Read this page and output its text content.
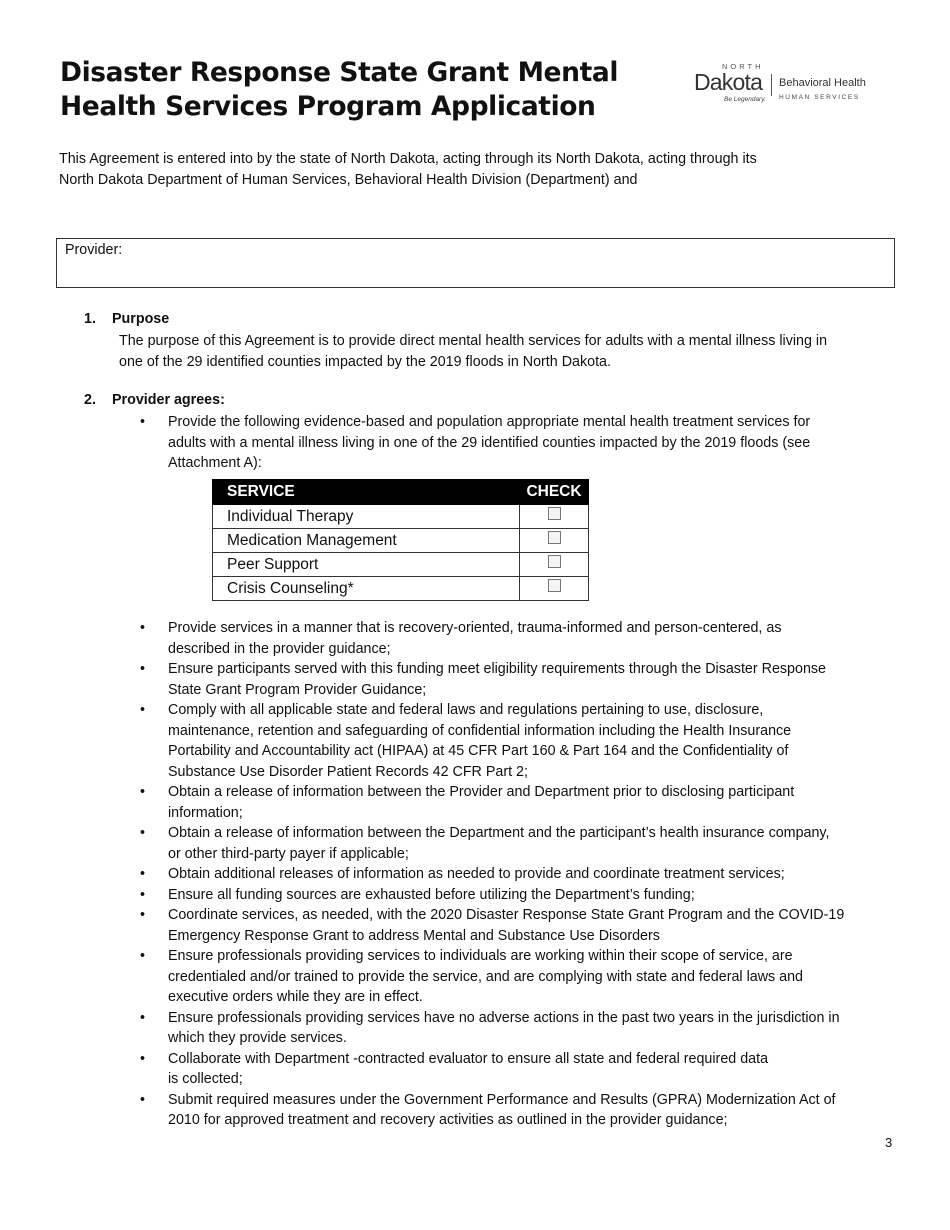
Disaster Response State Grant Mental
Health Services Program Application
NORTH
Dakota
Be Legendary.
Behavioral Health
HUMAN SERVICES
This Agreement is entered into by the state of North Dakota, acting through its North Dakota, acting through its
North Dakota Department of Human Services, Behavioral Health Division (Department) and
Provider:
1. Purpose
The purpose of this Agreement is to provide direct mental health services for adults with a mental illness living in
one of the 29 identified counties impacted by the 2019 floods in North Dakota.
2. Provider agrees:
• Provide the following evidence-based and population appropriate mental health treatment services for
adults with a mental illness living in one of the 29 identified counties impacted by the 2019 floods (see
Attachment A):
SERVICE	CHECK
Individual Therapy	
Medication Management	
Peer Support	
Crisis Counseling*	
• Provide services in a manner that is recovery-oriented, trauma-informed and person-centered, as
described in the provider guidance;
• Ensure participants served with this funding meet eligibility requirements through the Disaster Response
State Grant Program Provider Guidance;
• Comply with all applicable state and federal laws and regulations pertaining to use, disclosure,
maintenance, retention and safeguarding of confidential information including the Health Insurance
Portability and Accountability act (HIPAA) at 45 CFR Part 160 & Part 164 and the Confidentiality of
Substance Use Disorder Patient Records 42 CFR Part 2;
• Obtain a release of information between the Provider and Department prior to disclosing participant
information;
• Obtain a release of information between the Department and the participant’s health insurance company,
or other third-party payer if applicable;
• Obtain additional releases of information as needed to provide and coordinate treatment services;
• Ensure all funding sources are exhausted before utilizing the Department’s funding;
• Coordinate services, as needed, with the 2020 Disaster Response State Grant Program and the COVID-19
Emergency Response Grant to address Mental and Substance Use Disorders
• Ensure professionals providing services to individuals are working within their scope of service, are
credentialed and/or trained to provide the service, and are complying with state and federal laws and
executive orders while they are in effect.
• Ensure professionals providing services have no adverse actions in the past two years in the jurisdiction in
which they provide services.
• Collaborate with Department -contracted evaluator to ensure all state and federal required data
is collected;
• Submit required measures under the Government Performance and Results (GPRA) Modernization Act of
2010 for approved treatment and recovery activities as outlined in the provider guidance;
3
